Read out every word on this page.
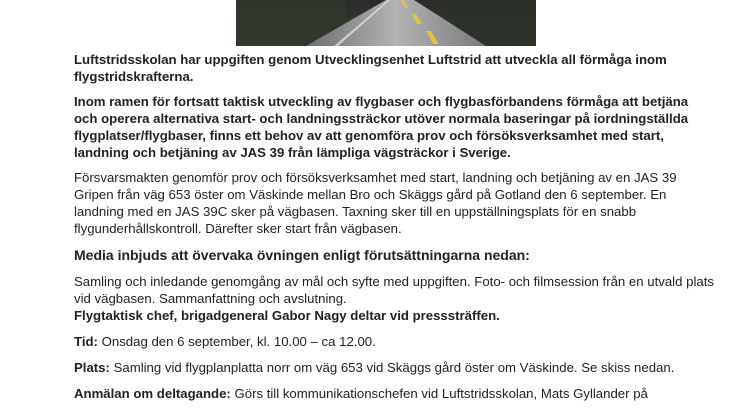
Luftstridsskolan har uppgiften genom Utvecklingsenhet Luftstrid att utveckla all förmåga inom flygstridskrafterna.

Inom ramen för fortsatt taktisk utveckling av flygbaser och flygbasförbandens förmåga att betjäna och operera alternativa start- och landningssträckor utöver normala baseringar på iordningställda flygplatser/flygbaser, finns ett behov av att genomföra prov och försöksverksamhet med start, landning och betjäning av JAS 39 från lämpliga vägsträckor i Sverige.

Försvarsmakten genomför prov och försöksverksamhet med start, landning och betjäning av en JAS 39 Gripen från väg 653 öster om Väskinde mellan Bro och Skäggs gård på Gotland den 6 september. En landning med en JAS 39C sker på vägbasen. Taxning sker till en uppställningsplats för en snabb flygunderhållskontroll. Därefter sker start från vägbasen.

Media inbjuds att övervaka övningen enligt förutsättningarna nedan:

Samling och inledande genomgång av mål och syfte med uppgiften. Foto- och filmsession från en utvald plats vid vägbasen. Sammanfattning och avslutning.

Flygtaktisk chef, brigadgeneral Gabor Nagy deltar vid presssträffen.

Tid: Onsdag den 6 september, kl. 10.00 – ca 12.00.

Plats: Samling vid flygplanplatta norr om väg 653 vid Skäggs gård öster om Väskinde. Se skiss nedan.

Anmälan om deltagande: Görs till kommunikationschefen vid Luftstridsskolan, Mats Gyllander på
